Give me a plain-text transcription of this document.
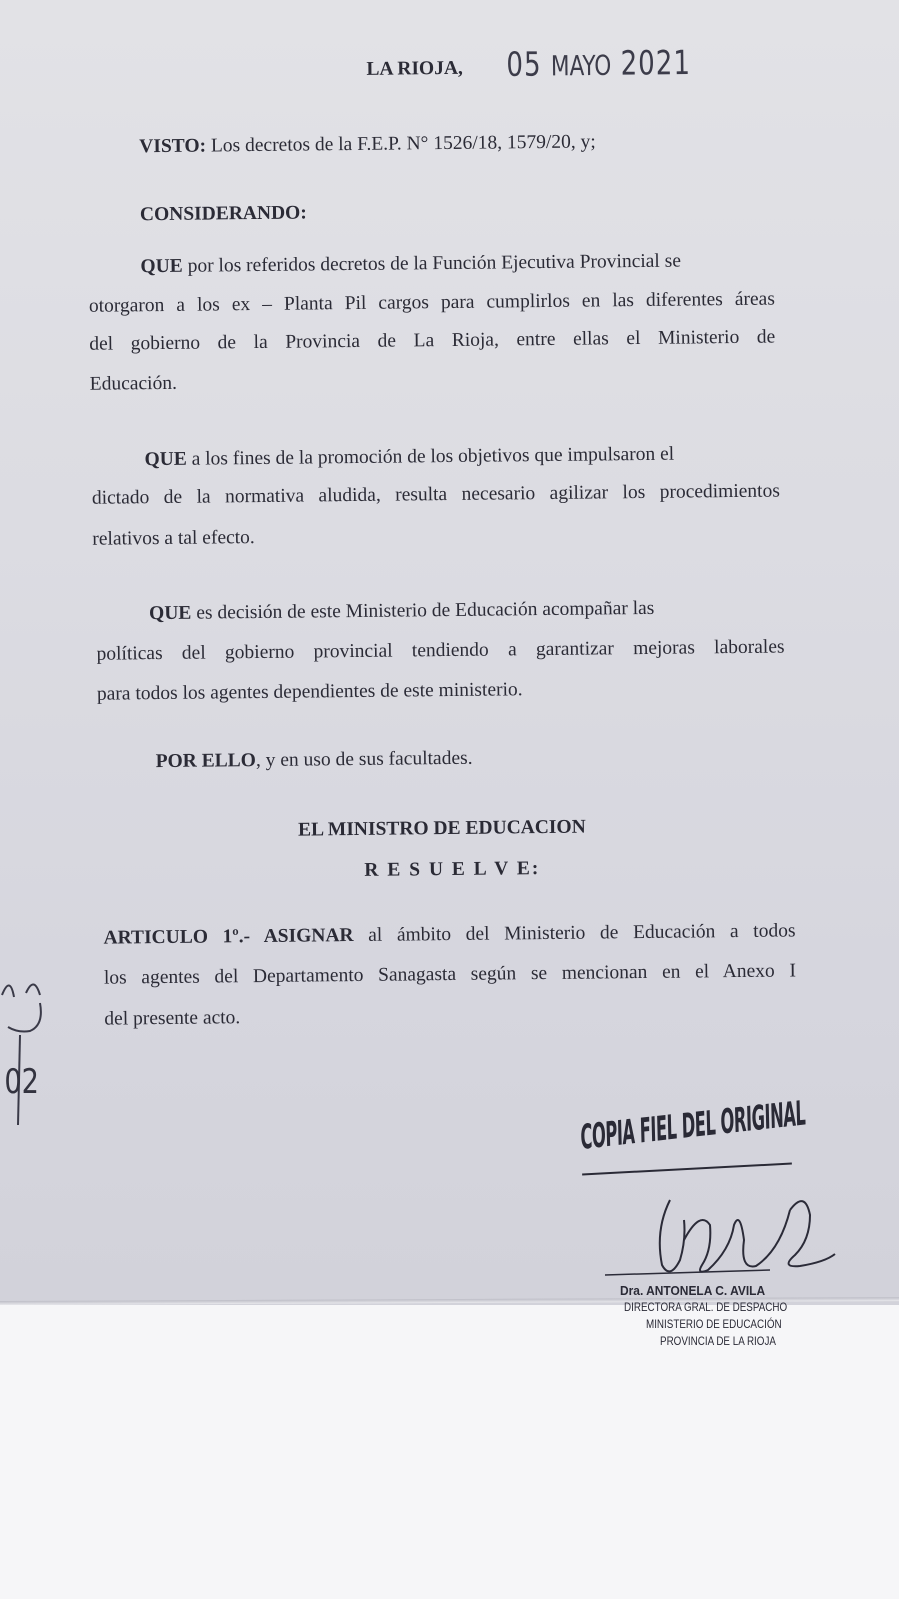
LA RIOJA, 05 MAYO 2021
VISTO: Los decretos de la F.E.P. N° 1526/18, 1579/20, y;
CONSIDERANDO:
QUE por los referidos decretos de la Función Ejecutiva Provincial se
otorgaron a los ex – Planta Pil cargos para cumplirlos en las diferentes áreas
del gobierno de la Provincia de La Rioja, entre ellas el Ministerio de
Educación.
QUE a los fines de la promoción de los objetivos que impulsaron el
dictado de la normativa aludida, resulta necesario agilizar los procedimientos
relativos a tal efecto.
QUE es decisión de este Ministerio de Educación acompañar las
políticas del gobierno provincial tendiendo a garantizar mejoras laborales
para todos los agentes dependientes de este ministerio.
POR ELLO, y en uso de sus facultades.
EL MINISTRO DE EDUCACION
R E S U E L V E:
ARTICULO 1º.- ASIGNAR al ámbito del Ministerio de Educación a todos
los agentes del Departamento Sanagasta según se mencionan en el Anexo I
del presente acto.
02
COPIA FIEL DEL ORIGINAL
Dra. ANTONELA C. AVILA
DIRECTORA GRAL. DE DESPACHO
MINISTERIO DE EDUCACIÓN
PROVINCIA DE LA RIOJA
